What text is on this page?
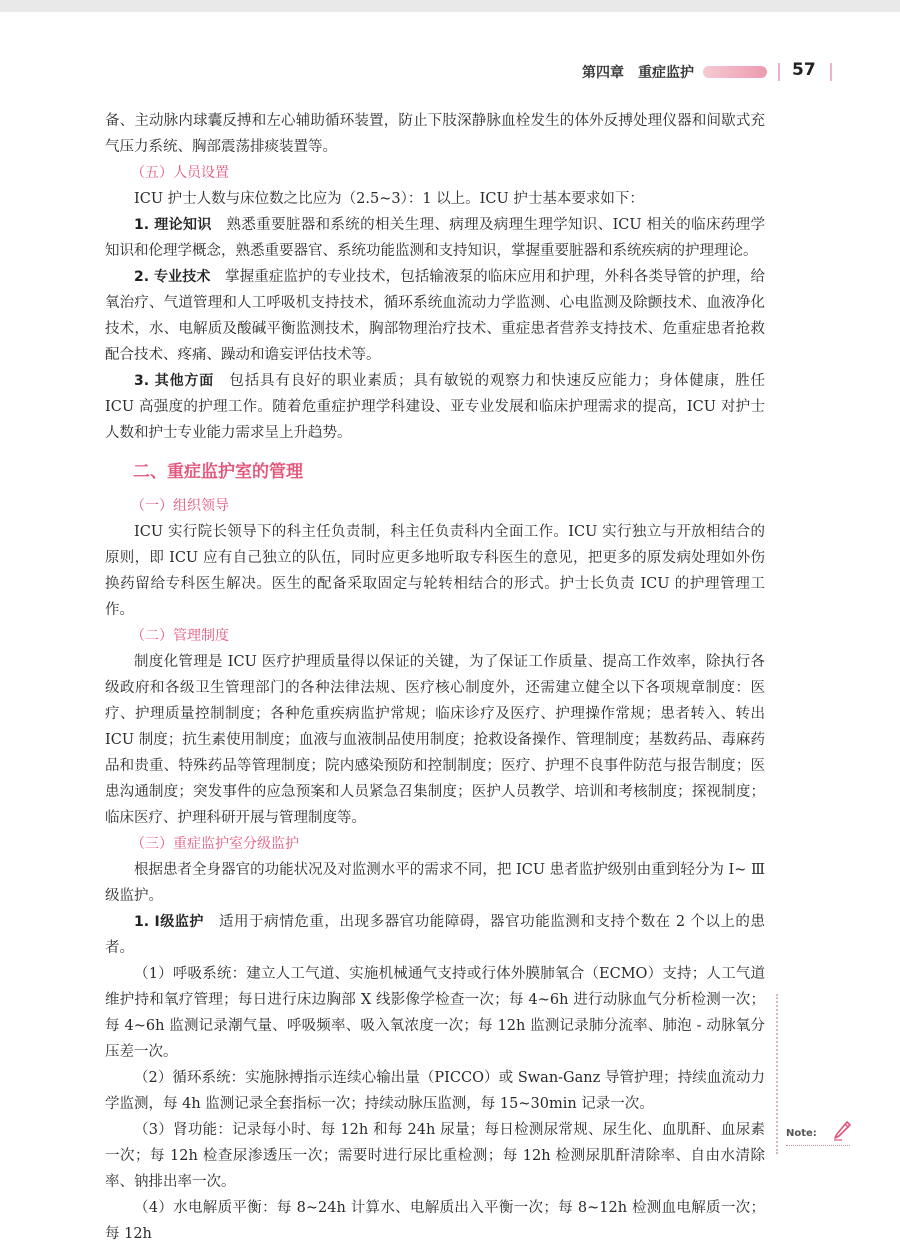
第四章　重症监护	57

备、主动脉内球囊反搏和左心辅助循环装置，防止下肢深静脉血栓发生的体外反搏处理仪器和间歇式充气压力系统、胸部震荡排痰装置等。

（五）人员设置

ICU 护士人数与床位数之比应为（2.5~3）：1 以上。ICU 护士基本要求如下：

1. 理论知识　 熟悉重要脏器和系统的相关生理、病理及病理生理学知识、ICU 相关的临床药理学知识和伦理学概念，熟悉重要器官、系统功能监测和支持知识，掌握重要脏器和系统疾病的护理理论。

2. 专业技术　 掌握重症监护的专业技术，包括输液泵的临床应用和护理，外科各类导管的护理，给氧治疗、气道管理和人工呼吸机支持技术，循环系统血流动力学监测、心电监测及除颤技术、血液净化技术，水、电解质及酸碱平衡监测技术，胸部物理治疗技术、重症患者营养支持技术、危重症患者抢救配合技术、疼痛、躁动和谵妄评估技术等。

3. 其他方面　 包括具有良好的职业素质；具有敏锐的观察力和快速反应能力；身体健康，胜任 ICU 高强度的护理工作。随着危重症护理学科建设、亚专业发展和临床护理需求的提高，ICU 对护士人数和护士专业能力需求呈上升趋势。

二、重症监护室的管理
（一）组织领导

ICU 实行院长领导下的科主任负责制，科主任负责科内全面工作。ICU 实行独立与开放相结合的原则，即 ICU 应有自己独立的队伍，同时应更多地听取专科医生的意见，把更多的原发病处理如外伤换药留给专科医生解决。医生的配备采取固定与轮转相结合的形式。护士长负责 ICU 的护理管理工作。

（二）管理制度

制度化管理是 ICU 医疗护理质量得以保证的关键，为了保证工作质量、提高工作效率，除执行各级政府和各级卫生管理部门的各种法律法规、医疗核心制度外，还需建立健全以下各项规章制度：医疗、护理质量控制制度；各种危重疾病监护常规；临床诊疗及医疗、护理操作常规；患者转入、转出 ICU 制度；抗生素使用制度；血液与血液制品使用制度；抢救设备操作、管理制度；基数药品、毒麻药品和贵重、特殊药品等管理制度；院内感染预防和控制制度；医疗、护理不良事件防范与报告制度；医患沟通制度；突发事件的应急预案和人员紧急召集制度；医护人员教学、培训和考核制度；探视制度；临床医疗、护理科研开展与管理制度等。

（三）重症监护室分级监护

根据患者全身器官的功能状况及对监测水平的需求不同，把 ICU 患者监护级别由重到轻分为 Ⅰ~ Ⅲ级监护。

1. Ⅰ级监护　 适用于病情危重，出现多器官功能障碍，器官功能监测和支持个数在 2 个以上的患者。

（1）呼吸系统：建立人工气道、实施机械通气支持或行体外膜肺氧合（ECMO）支持；人工气道维护持和氧疗管理；每日进行床边胸部 X 线影像学检查一次；每 4~6h 进行动脉血气分析检测一次；每 4~6h 监测记录潮气量、呼吸频率、吸入氧浓度一次；每 12h 监测记录肺分流率、肺泡 - 动脉氧分压差一次。

（2）循环系统：实施脉搏指示连续心输出量（PICCO）或 Swan-Ganz 导管护理；持续血流动力学监测，每 4h 监测记录全套指标一次；持续动脉压监测，每 15~30min 记录一次。

（3）肾功能：记录每小时、每 12h 和每 24h 尿量；每日检测尿常规、尿生化、血肌酐、血尿素一次；每 12h 检查尿渗透压一次；需要时进行尿比重检测；每 12h 检测尿肌酐清除率、自由水清除率、钠排出率一次。

（4）水电解质平衡：每 8~24h 计算水、电解质出入平衡一次；每 8~12h 检测血电解质一次；每 12h

Note:
